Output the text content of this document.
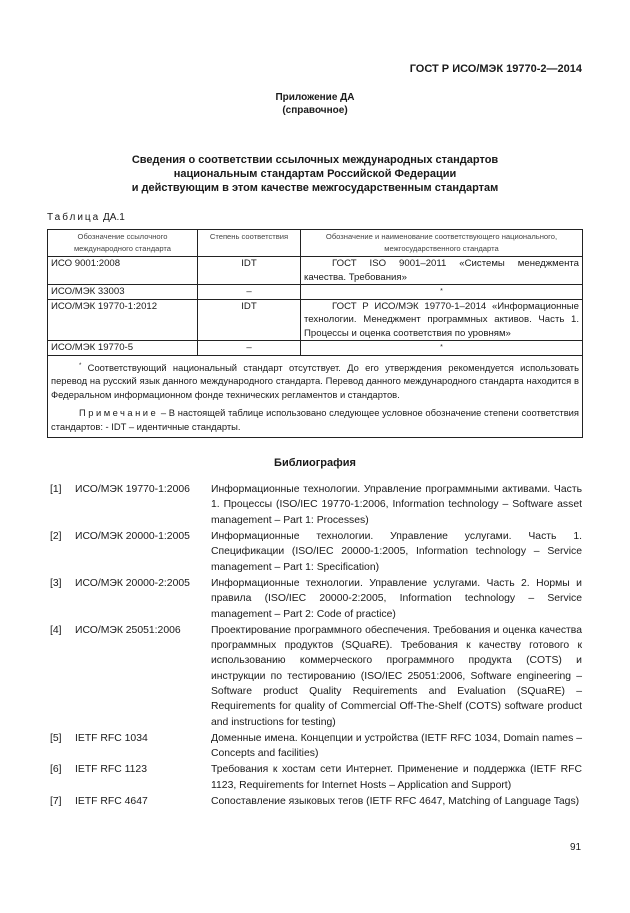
ГОСТ Р ИСО/МЭК 19770-2—2014
Приложение ДА
(справочное)
Сведения о соответствии ссылочных международных стандартов
национальным стандартам Российской Федерации
и действующим в этом качестве межгосударственным стандартам
Таблица ДА.1
Обозначение ссылочного международного стандарта	Степень соответствия	Обозначение и наименование соответствующего национального, межгосударственного стандарта
ИСО 9001:2008	IDT	ГОСТ ISO 9001–2011 «Системы менеджмента качества. Требования»
ИСО/МЭК 33003	–	*
ИСО/МЭК 19770-1:2012	IDT	ГОСТ Р ИСО/МЭК 19770-1–2014 «Информационные технологии. Менеджмент программных активов. Часть 1. Процессы и оценка соответствия по уровням»
ИСО/МЭК 19770-5	–	*

* Соответствующий национальный стандарт отсутствует. До его утверждения рекомендуется использовать перевод на русский язык данного международного стандарта. Перевод данного международного стандарта находится в Федеральном информационном фонде технических регламентов и стандартов.

Примечание – В настоящей таблице использовано следующее условное обозначение степени соответствия стандартов: - IDT – идентичные стандарты.		

Библиография
[1]	ИСО/МЭК 19770-1:2006	Информационные технологии. Управление программными активами. Часть 1. Процессы (ISO/IEC 19770-1:2006, Information technology – Software asset management – Part 1: Processes)
[2]	ИСО/МЭК 20000-1:2005	Информационные технологии. Управление услугами. Часть 1. Спецификации (ISO/IEC 20000-1:2005, Information technology – Service management – Part 1: Specification)
[3]	ИСО/МЭК 20000-2:2005	Информационные технологии. Управление услугами. Часть 2. Нормы и правила (ISO/IEC 20000-2:2005, Information technology – Service management – Part 2: Code of practice)
[4]	ИСО/МЭК 25051:2006	Проектирование программного обеспечения. Требования и оценка качества программных продуктов (SQuaRE). Требования к качеству готового к использованию коммерческого программного продукта (COTS) и инструкции по тестированию (ISO/IEC 25051:2006, Software engineering – Software product Quality Requirements and Evaluation (SQuaRE) – Requirements for quality of Commercial Off-The-Shelf (COTS) software product and instructions for testing)
[5]	IETF RFC 1034	Доменные имена. Концепции и устройства (IETF RFC 1034, Domain names – Concepts and facilities)
[6]	IETF RFC 1123	Требования к хостам сети Интернет. Применение и поддержка (IETF RFC 1123, Requirements for Internet Hosts – Application and Support)
[7]	IETF RFC 4647	Сопоставление языковых тегов (IETF RFC 4647, Matching of Language Tags)
91
